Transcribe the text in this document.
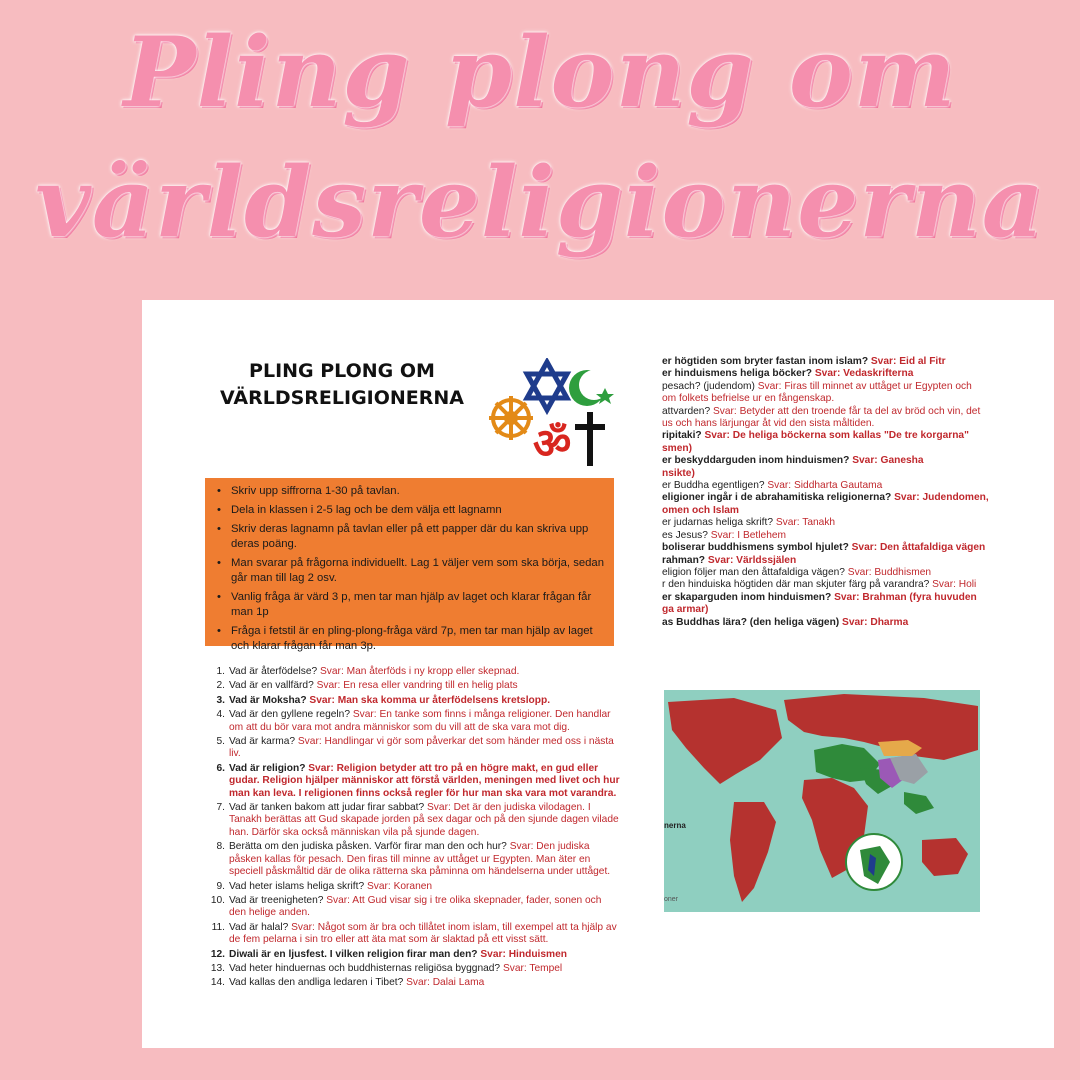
Pling plong om
världsreligionerna
PLING PLONG OM
VÄRLDSRELIGIONERNA
ॐ
• Skriv upp siffrorna 1-30 på tavlan.
• Dela in klassen i 2-5 lag och be dem välja ett lagnamn
• Skriv deras lagnamn på tavlan eller på ett papper där du kan skriva upp deras poäng.
• Man svarar på frågorna individuellt. Lag 1 väljer vem som ska börja, sedan går man till lag 2 osv.
• Vanlig fråga är värd 3 p, men tar man hjälp av laget och klarar frågan får man 1p
• Fråga i fetstil är en pling-plong-fråga värd 7p, men tar man hjälp av laget och klarar frågan får man 3p.
1. Vad är återfödelse? Svar: Man återföds i ny kropp eller skepnad.
2. Vad är en vallfärd? Svar: En resa eller vandring till en helig plats
3. Vad är Moksha? Svar: Man ska komma ur återfödelsens kretslopp.
4. Vad är den gyllene regeln? Svar: En tanke som finns i många religioner. Den handlar om att du bör vara mot andra människor som du vill att de ska vara mot dig.
5. Vad är karma? Svar: Handlingar vi gör som påverkar det som händer med oss i nästa liv.
6. Vad är religion? Svar: Religion betyder att tro på en högre makt, en gud eller gudar. Religion hjälper människor att förstå världen, meningen med livet och hur man kan leva. I religionen finns också regler för hur man ska vara mot varandra.
7. Vad är tanken bakom att judar firar sabbat? Svar: Det är den judiska vilodagen. I Tanakh berättas att Gud skapade jorden på sex dagar och på den sjunde dagen vilade han. Därför ska också människan vila på sjunde dagen.
8. Berätta om den judiska påsken. Varför firar man den och hur? Svar: Den judiska påsken kallas för pesach. Den firas till minne av uttåget ur Egypten. Man äter en speciell påskmåltid där de olika rätterna ska påminna om händelserna under uttåget.
9. Vad heter islams heliga skrift? Svar: Koranen
10. Vad är treenigheten? Svar: Att Gud visar sig i tre olika skepnader, fader, sonen och den helige anden.
11. Vad är halal? Svar: Något som är bra och tillåtet inom islam, till exempel att ta hjälp av de fem pelarna i sin tro eller att äta mat som är slaktad på ett visst sätt.
12. Diwali är en ljusfest. I vilken religion firar man den? Svar: Hinduismen
13. Vad heter hinduernas och buddhisternas religiösa byggnad? Svar: Tempel
14. Vad kallas den andliga ledaren i Tibet? Svar: Dalai Lama
er högtiden som bryter fastan inom islam? Svar: Eid al Fitr
er hinduismens heliga böcker? Svar: Vedaskrifterna
pesach? (judendom) Svar: Firas till minnet av uttåget ur Egypten och
om folkets befrielse ur en fångenskap.
attvarden? Svar: Betyder att den troende får ta del av bröd och vin, det
us och hans lärjungar åt vid den sista måltiden.
ripitaki? Svar: De heliga böckerna som kallas "De tre korgarna"
smen)
er beskyddarguden inom hinduismen? Svar: Ganesha
nsikte)
er Buddha egentligen? Svar: Siddharta Gautama
eligioner ingår i de abrahamitiska religionerna? Svar: Judendomen,
omen och Islam
er judarnas heliga skrift? Svar: Tanakh
es Jesus? Svar: I Betlehem
boliserar buddhismens symbol hjulet? Svar: Den åttafaldiga vägen
rahman? Svar: Världssjälen
eligion följer man den åttafaldiga vägen? Svar: Buddhismen
r den hinduiska högtiden där man skjuter färg på varandra? Svar: Holi
er skaparguden inom hinduismen? Svar: Brahman (fyra huvuden
ga armar)
as Buddhas lära? (den heliga vägen) Svar: Dharma
nerna
oner
